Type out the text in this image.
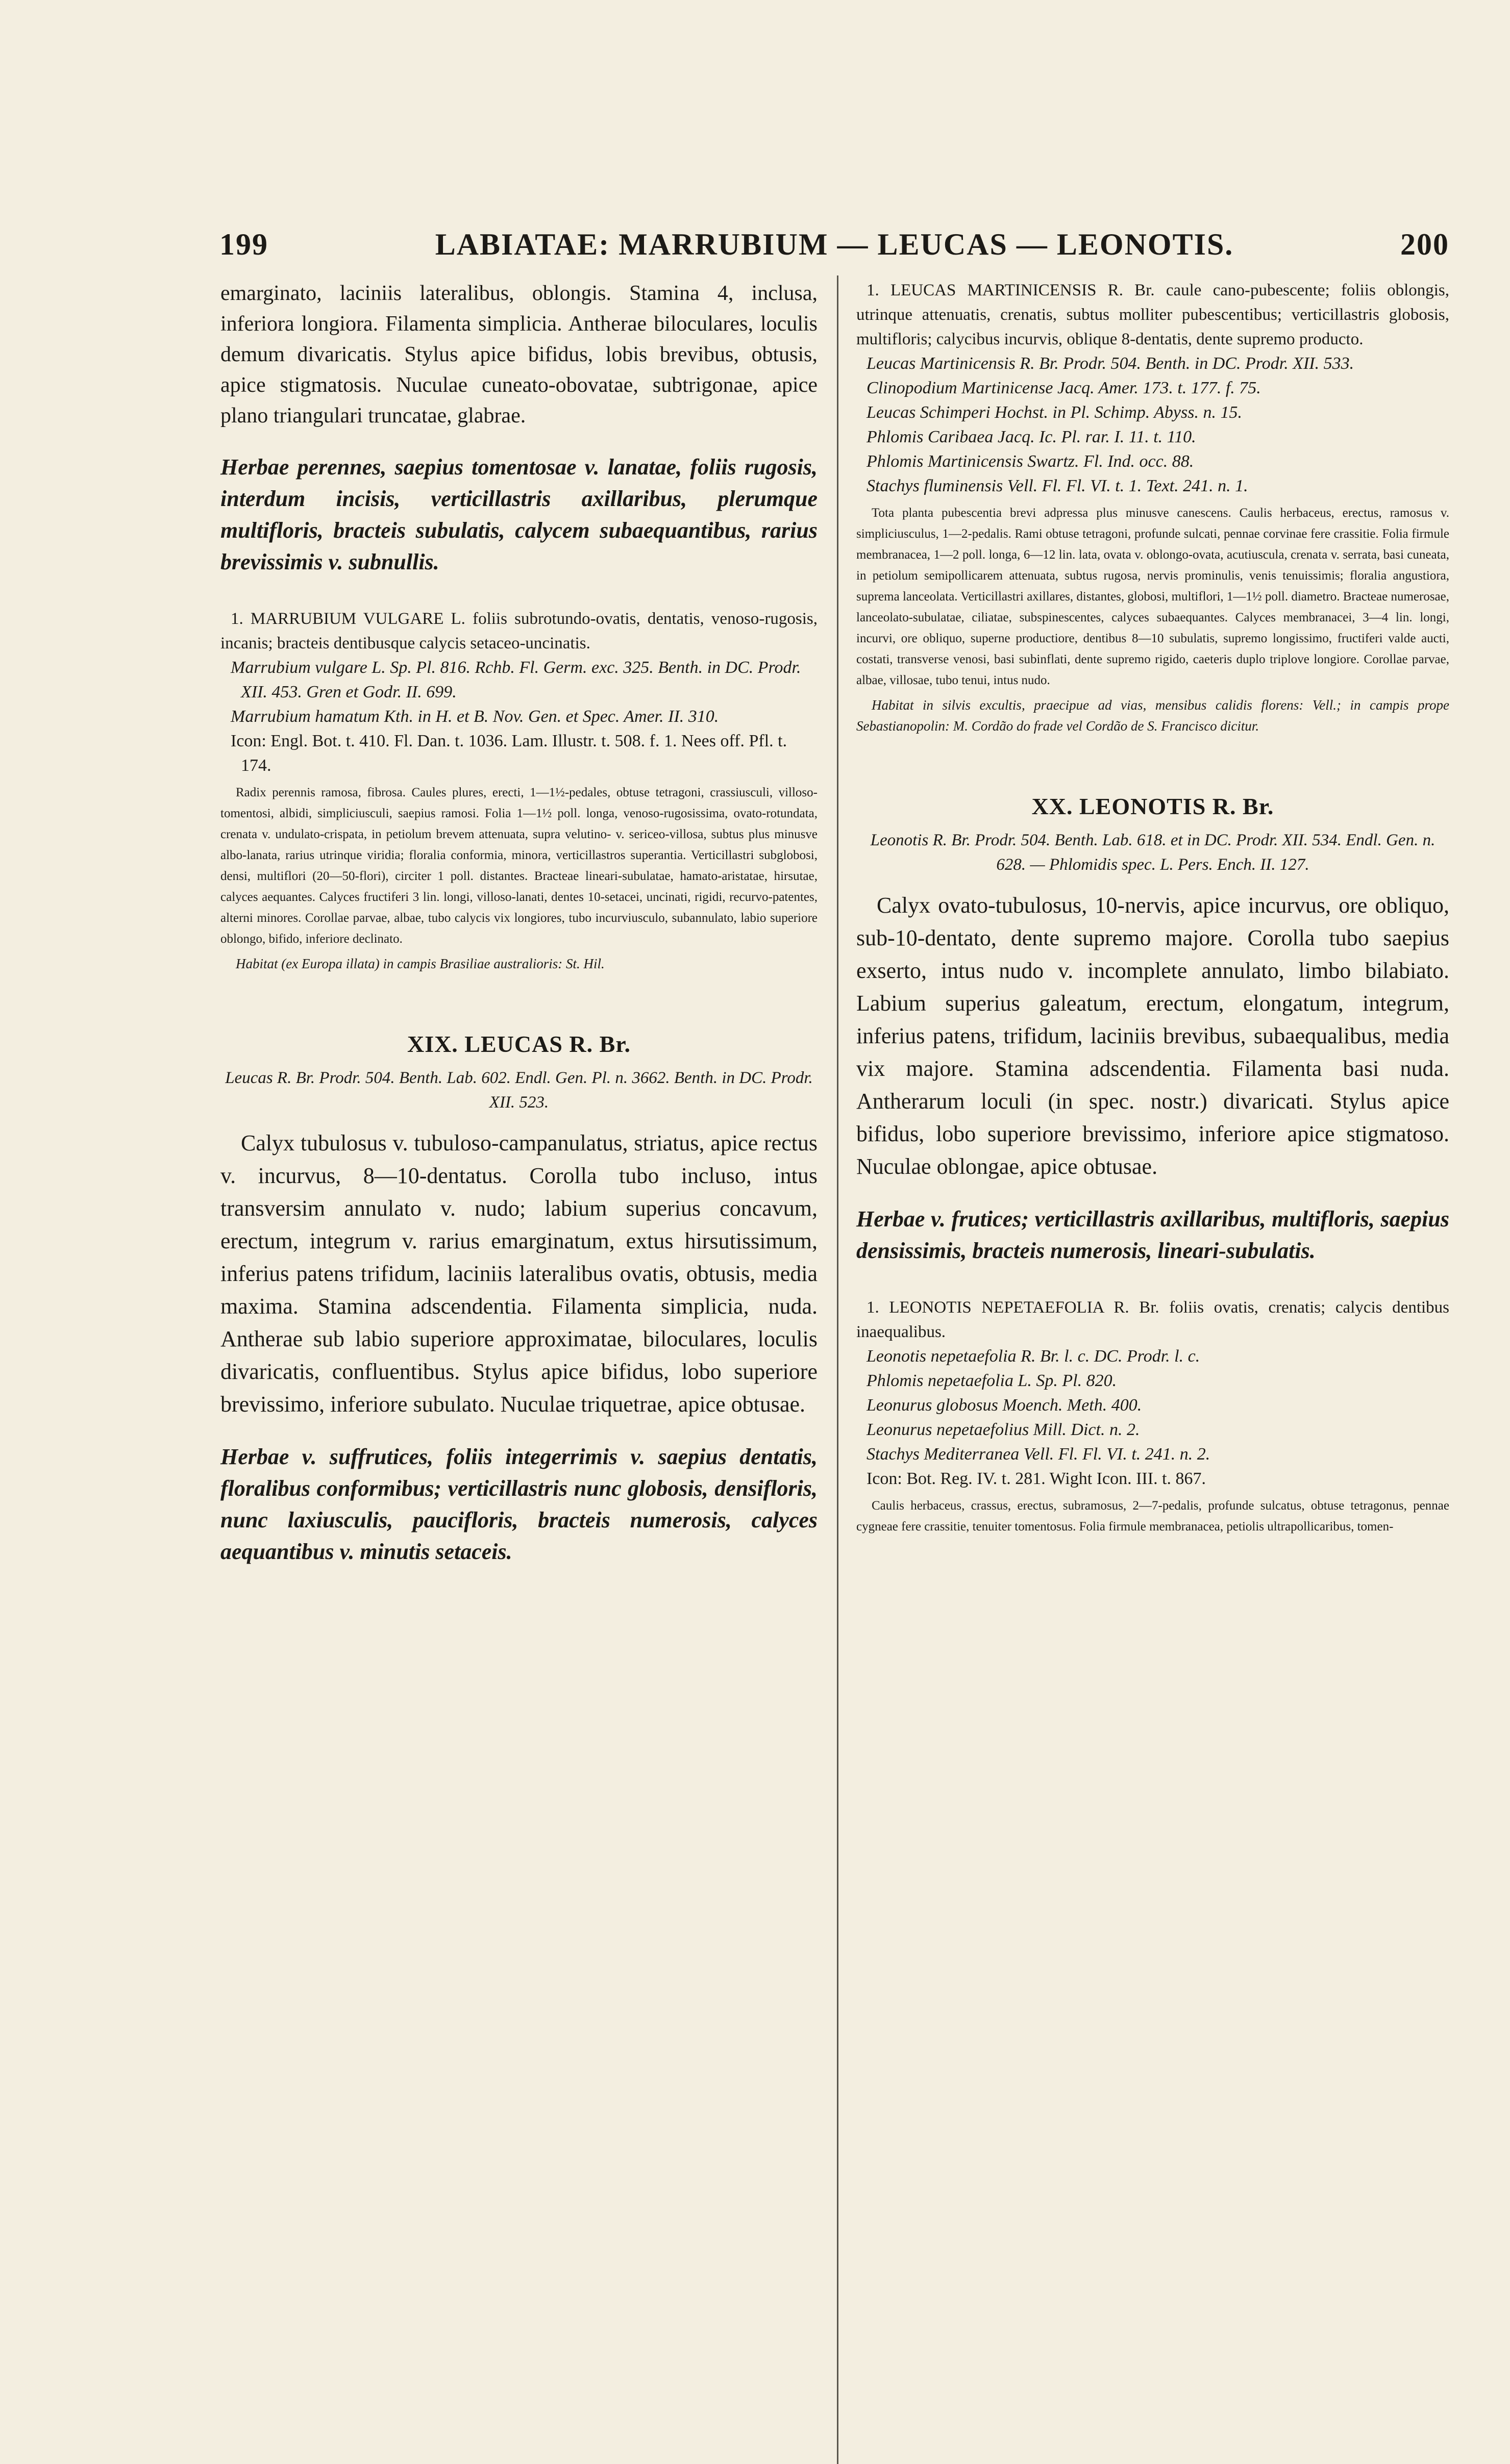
199	LABIATAE: MARRUBIUM — LEUCAS — LEONOTIS.	200

emarginato, laciniis lateralibus, oblongis. Stamina 4, inclusa, inferiora longiora. Filamenta simplicia. Antherae biloculares, loculis demum divaricatis. Stylus apice bifidus, lobis brevibus, obtusis, apice stigmatosis. Nuculae cuneato-obovatae, subtrigonae, apice plano triangulari truncatae, glabrae.

Herbae perennes, saepius tomentosae v. lanatae, foliis rugosis, interdum incisis, verticillastris axillaribus, plerumque multifloris, bracteis subulatis, calycem subaequantibus, rarius brevissimis v. subnullis.

1. MARRUBIUM VULGARE L. foliis subrotundo-ovatis, dentatis, venoso-rugosis, incanis; bracteis dentibusque calycis setaceo-uncinatis.

Marrubium vulgare L. Sp. Pl. 816. Rchb. Fl. Germ. exc. 325. Benth. in DC. Prodr. XII. 453. Gren et Godr. II. 699.

Marrubium hamatum Kth. in H. et B. Nov. Gen. et Spec. Amer. II. 310.

Icon: Engl. Bot. t. 410. Fl. Dan. t. 1036. Lam. Illustr. t. 508. f. 1. Nees off. Pfl. t. 174.

Radix perennis ramosa, fibrosa. Caules plures, erecti, 1—1½-pedales, obtuse tetragoni, crassiusculi, villoso-tomentosi, albidi, simpliciusculi, saepius ramosi. Folia 1—1½ poll. longa, venoso-rugosissima, ovato-rotundata, crenata v. undulato-crispata, in petiolum brevem attenuata, supra velutino- v. sericeo-villosa, subtus plus minusve albo-lanata, rarius utrinque viridia; floralia conformia, minora, verticillastros superantia. Verticillastri subglobosi, densi, multiflori (20—50-flori), circiter 1 poll. distantes. Bracteae lineari-subulatae, hamato-aristatae, hirsutae, calyces aequantes. Calyces fructiferi 3 lin. longi, villoso-lanati, dentes 10-setacei, uncinati, rigidi, recurvo-patentes, alterni minores. Corollae parvae, albae, tubo calycis vix longiores, tubo incurviusculo, subannulato, labio superiore oblongo, bifido, inferiore declinato.

Habitat (ex Europa illata) in campis Brasiliae australioris: St. Hil.

XIX. LEUCAS R. Br.

Leucas R. Br. Prodr. 504. Benth. Lab. 602. Endl. Gen. Pl. n. 3662. Benth. in DC. Prodr. XII. 523.

Calyx tubulosus v. tubuloso-campanulatus, striatus, apice rectus v. incurvus, 8—10-dentatus. Corolla tubo incluso, intus transversim annulato v. nudo; labium superius concavum, erectum, integrum v. rarius emarginatum, extus hirsutissimum, inferius patens trifidum, laciniis lateralibus ovatis, obtusis, media maxima. Stamina adscendentia. Filamenta simplicia, nuda. Antherae sub labio superiore approximatae, biloculares, loculis divaricatis, confluentibus. Stylus apice bifidus, lobo superiore brevissimo, inferiore subulato. Nuculae triquetrae, apice obtusae.

Herbae v. suffrutices, foliis integerrimis v. saepius dentatis, floralibus conformibus; verticillastris nunc globosis, densifloris, nunc laxiusculis, paucifloris, bracteis numerosis, calyces aequantibus v. minutis setaceis.

1. LEUCAS MARTINICENSIS R. Br. caule cano-pubescente; foliis oblongis, utrinque attenuatis, crenatis, subtus molliter pubescentibus; verticillastris globosis, multifloris; calycibus incurvis, oblique 8-dentatis, dente supremo producto.

Leucas Martinicensis R. Br. Prodr. 504. Benth. in DC. Prodr. XII. 533.

Clinopodium Martinicense Jacq. Amer. 173. t. 177. f. 75.

Leucas Schimperi Hochst. in Pl. Schimp. Abyss. n. 15.

Phlomis Caribaea Jacq. Ic. Pl. rar. I. 11. t. 110.

Phlomis Martinicensis Swartz. Fl. Ind. occ. 88.

Stachys fluminensis Vell. Fl. Fl. VI. t. 1. Text. 241. n. 1.

Tota planta pubescentia brevi adpressa plus minusve canescens. Caulis herbaceus, erectus, ramosus v. simpliciusculus, 1—2-pedalis. Rami obtuse tetragoni, profunde sulcati, pennae corvinae fere crassitie. Folia firmule membranacea, 1—2 poll. longa, 6—12 lin. lata, ovata v. oblongo-ovata, acutiuscula, crenata v. serrata, basi cuneata, in petiolum semipollicarem attenuata, subtus rugosa, nervis prominulis, venis tenuissimis; floralia angustiora, suprema lanceolata. Verticillastri axillares, distantes, globosi, multiflori, 1—1½ poll. diametro. Bracteae numerosae, lanceolato-subulatae, ciliatae, subspinescentes, calyces subaequantes. Calyces membranacei, 3—4 lin. longi, incurvi, ore obliquo, superne productiore, dentibus 8—10 subulatis, supremo longissimo, fructiferi valde aucti, costati, transverse venosi, basi subinflati, dente supremo rigido, caeteris duplo triplove longiore. Corollae parvae, albae, villosae, tubo tenui, intus nudo.

Habitat in silvis excultis, praecipue ad vias, mensibus calidis florens: Vell.; in campis prope Sebastianopolin: M. Cordão do frade vel Cordão de S. Francisco dicitur.

XX. LEONOTIS R. Br.

Leonotis R. Br. Prodr. 504. Benth. Lab. 618. et in DC. Prodr. XII. 534. Endl. Gen. n. 628. — Phlomidis spec. L. Pers. Ench. II. 127.

Calyx ovato-tubulosus, 10-nervis, apice incurvus, ore obliquo, sub-10-dentato, dente supremo majore. Corolla tubo saepius exserto, intus nudo v. incomplete annulato, limbo bilabiato. Labium superius galeatum, erectum, elongatum, integrum, inferius patens, trifidum, laciniis brevibus, subaequalibus, media vix majore. Stamina adscendentia. Filamenta basi nuda. Antherarum loculi (in spec. nostr.) divaricati. Stylus apice bifidus, lobo superiore brevissimo, inferiore apice stigmatoso. Nuculae oblongae, apice obtusae.

Herbae v. frutices; verticillastris axillaribus, multifloris, saepius densissimis, bracteis numerosis, lineari-subulatis.

1. LEONOTIS NEPETAEFOLIA R. Br. foliis ovatis, crenatis; calycis dentibus inaequalibus.

Leonotis nepetaefolia R. Br. l. c. DC. Prodr. l. c.

Phlomis nepetaefolia L. Sp. Pl. 820.

Leonurus globosus Moench. Meth. 400.

Leonurus nepetaefolius Mill. Dict. n. 2.

Stachys Mediterranea Vell. Fl. Fl. VI. t. 241. n. 2.

Icon: Bot. Reg. IV. t. 281. Wight Icon. III. t. 867.

Caulis herbaceus, crassus, erectus, subramosus, 2—7-pedalis, profunde sulcatus, obtuse tetragonus, pennae cygneae fere crassitie, tenuiter tomentosus. Folia firmule membranacea, petiolis ultrapollicaribus, tomen-
